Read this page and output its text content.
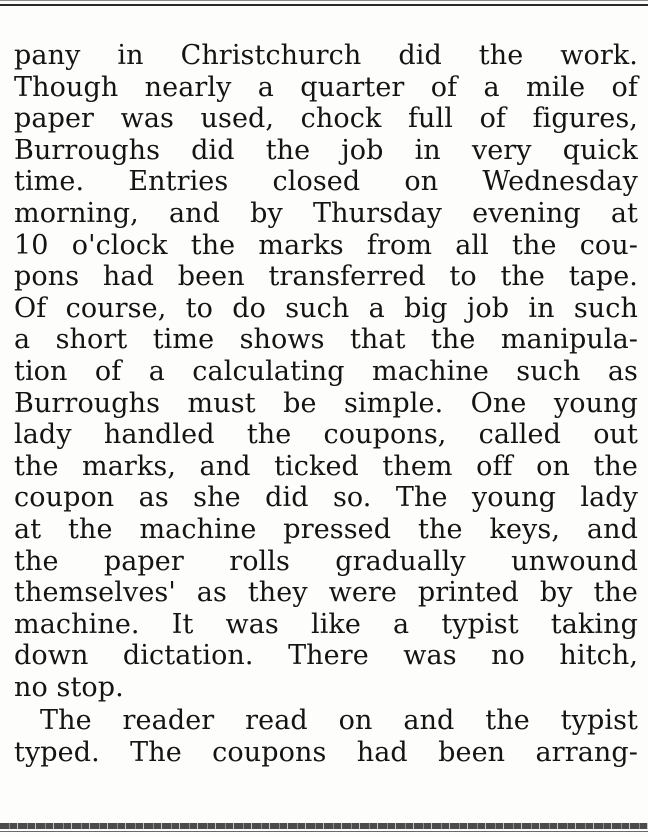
pany in Christchurch did the work.
Though nearly a quarter of a mile of
paper was used, chock full of figures,
Burroughs did the job in very quick
time. Entries closed on Wednesday
morning, and by Thursday evening at
10 o'clock the marks from all the cou-
pons had been transferred to the tape.
Of course, to do such a big job in such
a short time shows that the manipula-
tion of a calculating machine such as
Burroughs must be simple. One young
lady handled the coupons, called out
the marks, and ticked them off on the
coupon as she did so. The young lady
at the machine pressed the keys, and
the paper rolls gradually unwound
themselves' as they were printed by the
machine. It was like a typist taking
down dictation. There was no hitch,
no stop.

The reader read on and the typist
typed. The coupons had been arrang-
